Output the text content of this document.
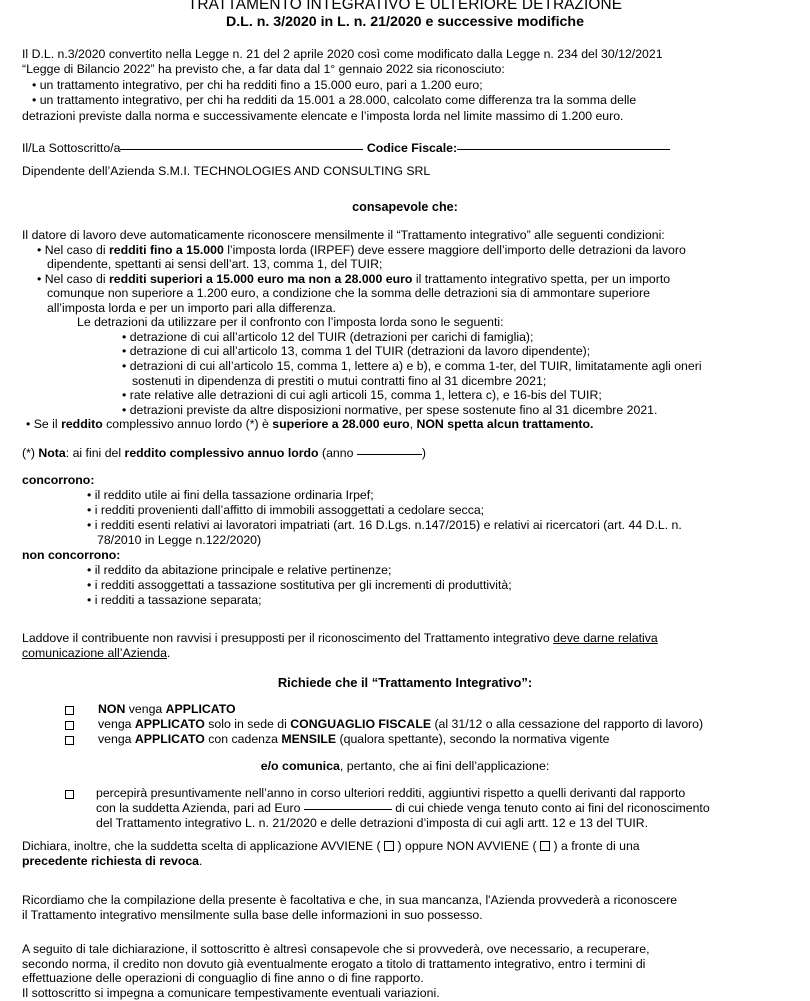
TRATTAMENTO INTEGRATIVO E ULTERIORE DETRAZIONE
D.L. n. 3/2020 in L. n. 21/2020 e successive modifiche

Il D.L. n.3/2020 convertito nella Legge n. 21 del 2 aprile 2020 così come modificato dalla Legge n. 234 del 30/12/2021

“Legge di Bilancio 2022” ha previsto che, a far data dal 1° gennaio 2022 sia riconosciuto:

• un trattamento integrativo, per chi ha redditi fino a 15.000 euro, pari a 1.200 euro;

• un trattamento integrativo, per chi ha redditi da 15.001 a 28.000, calcolato come differenza tra la somma delle

detrazioni previste dalla norma e successivamente elencate e l’imposta lorda nel limite massimo di 1.200 euro.

Il/La Sottoscritto/a	Codice Fiscale:

Dipendente dell’Azienda S.M.I. TECHNOLOGIES AND CONSULTING SRL

consapevole che:

Il datore di lavoro deve automaticamente riconoscere mensilmente il “Trattamento integrativo” alle seguenti condizioni:

• Nel caso di redditi fino a 15.000 l’imposta lorda (IRPEF) deve essere maggiore dell’importo delle detrazioni da lavoro

dipendente, spettanti ai sensi dell’art. 13, comma 1, del TUIR;

• Nel caso di redditi superiori a 15.000 euro ma non a 28.000 euro il trattamento integrativo spetta, per un importo

comunque non superiore a 1.200 euro, a condizione che la somma delle detrazioni sia di ammontare superiore

all’imposta lorda e per un importo pari alla differenza.

Le detrazioni da utilizzare per il confronto con l’imposta lorda sono le seguenti:

• detrazione di cui all’articolo 12 del TUIR (detrazioni per carichi di famiglia);

• detrazione di cui all’articolo 13, comma 1 del TUIR (detrazioni da lavoro dipendente);

• detrazioni di cui all’articolo 15, comma 1, lettere a) e b), e comma 1-ter, del TUIR, limitatamente agli oneri

sostenuti in dipendenza di prestiti o mutui contratti fino al 31 dicembre 2021;

• rate relative alle detrazioni di cui agli articoli 15, comma 1, lettera c), e 16-bis del TUIR;

• detrazioni previste da altre disposizioni normative, per spese sostenute fino al 31 dicembre 2021.

• Se il reddito complessivo annuo lordo (*) è superiore a 28.000 euro, NON spetta alcun trattamento.

(*) Nota: ai fini del reddito complessivo annuo lordo (anno	)

concorrono:

• il reddito utile ai fini della tassazione ordinaria Irpef;

• i redditi provenienti dall’affitto di immobili assoggettati a cedolare secca;

• i redditi esenti relativi ai lavoratori impatriati (art. 16 D.Lgs. n.147/2015) e relativi ai ricercatori (art. 44 D.L. n.

78/2010 in Legge n.122/2020)

non concorrono:

• il reddito da abitazione principale e relative pertinenze;

• i redditi assoggettati a tassazione sostitutiva per gli incrementi di produttività;

• i redditi a tassazione separata;

Laddove il contribuente non ravvisi i presupposti per il riconoscimento del Trattamento integrativo deve darne relativa

comunicazione all’Azienda.

Richiede che il “Trattamento Integrativo”:
NON venga APPLICATO
venga APPLICATO solo in sede di CONGUAGLIO FISCALE (al 31/12 o alla cessazione del rapporto di lavoro)
venga APPLICATO con cadenza MENSILE (qualora spettante), secondo la normativa vigente
e/o comunica, pertanto, che ai fini dell’applicazione:
percepirà presuntivamente nell’anno in corso ulteriori redditi, aggiuntivi rispetto a quelli derivanti dal rapporto
con la suddetta Azienda, pari ad Euro	di cui chiede venga tenuto conto ai fini del riconoscimento
del Trattamento integrativo L. n. 21/2020 e delle detrazioni d’imposta di cui agli artt. 12 e 13 del TUIR.

Dichiara, inoltre, che la suddetta scelta di applicazione AVVIENE (  ) oppure NON AVVIENE (  ) a fronte di una

precedente richiesta di revoca.

Ricordiamo che la compilazione della presente è facoltativa e che, in sua mancanza, l'Azienda provvederà a riconoscere

il Trattamento integrativo mensilmente sulla base delle informazioni in suo possesso.

A seguito di tale dichiarazione, il sottoscritto è altresì consapevole che si provvederà, ove necessario, a recuperare,

secondo norma, il credito non dovuto già eventualmente erogato a titolo di trattamento integrativo, entro i termini di

effettuazione delle operazioni di conguaglio di fine anno o di fine rapporto.

Il sottoscritto si impegna a comunicare tempestivamente eventuali variazioni.
